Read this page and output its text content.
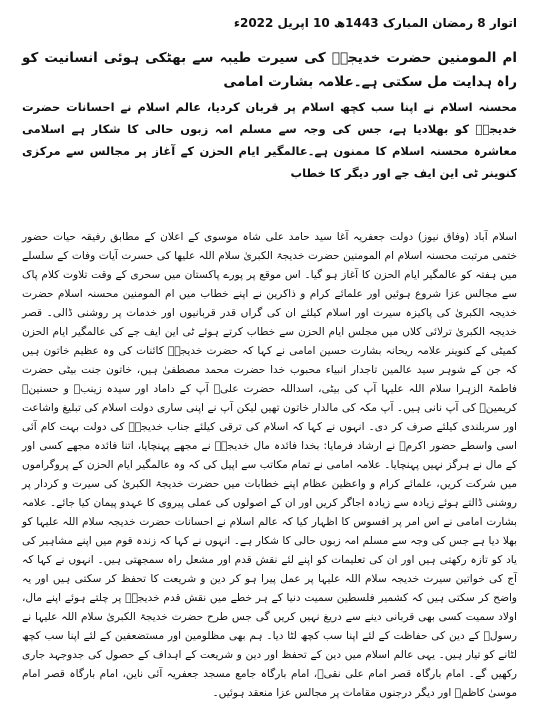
اتوار 8 رمضان المبارک 1443ھ 10 اپریل 2022ء
ام المومنین حضرت خدیجہؓ کی سیرت طیبہ سے بھٹکی ہوئی انسانیت کو راہ ہدایت مل سکتی ہے۔علامہ بشارت امامی
محسنہ اسلام نے اپنا سب کچھ اسلام پر قربان کردیا، عالم اسلام نے احسانات حضرت خدیجہؓ کو بھلادیا ہے، جس کی وجہ سے مسلم امہ زبوں حالی کا شکار ہے اسلامی معاشرہ محسنہ اسلام کا ممنون ہے۔عالمگیر ایام الحزن کے آغاز پر مجالس سے مرکزی کنوینر ٹی این ایف جے اور دیگر کا خطاب

اسلام آباد (وفاق نیوز) دولت جعفریہ آغا سید حامد علی شاہ موسوی کے اعلان کے مطابق رفیقہ حیات حضور ختمی مرتبت محسنہ اسلام ام المومنین حضرت خدیجۃ الکبریٰ سلام اللہ علیھا کی حسرت آیات وفات کے سلسلے میں ہفتہ کو عالمگیر ایام الحزن کا آغاز ہو گیا۔ اس موقع پر پورے پاکستان میں سحری کے وقت تلاوت کلام پاک سے مجالس عزا شروع ہوئیں اور علمائے کرام و ذاکرین نے اپنے خطاب میں ام المومنین محسنہ اسلام حضرت خدیجہ الکبریٰ کی پاکیزہ سیرت اور اسلام کیلئے ان کی گراں قدر قربانیوں اور خدمات پر روشنی ڈالی۔ قصر خدیجہ الکبریٰ ترلائی کلاں میں مجلس ایام الحزن سے خطاب کرتے ہوئے ٹی این ایف جے کی عالمگیر ایام الحزن کمیٹی کے کنوینر علامہ ریحانہ بشارت حسین امامی نے کہا کہ حضرت خدیجہؓ کائنات کی وہ عظیم خاتون ہیں کہ جن کے شوہر سید عالمین تاجدار انبیاء محبوب خدا حضرت محمد مصطفیٰ ہیں، خاتون جنت بیٹی حضرت فاطمۃ الزہرا سلام اللہ علیہا آپ کی بیٹی، اسداللہ حضرت علیؓ آپ کے داماد اور سیدہ زینبؓ و حسنینؑ کریمینؑ کی آپ نانی ہیں۔ آپ مکہ کی مالدار خاتون تھیں لیکن آپ نے اپنی ساری دولت اسلام کی تبلیغ واشاعت اور سربلندی کیلئے صرف کر دی۔ انہوں نے کہا کہ اسلام کی ترقی کیلئے جناب خدیجہؓ کی دولت بہت کام آئی اسی واسطے حضور اکرمؐ نے ارشاد فرمایا: بخدا فائدہ مال خدیجہؓ نے مجھے پہنچایا، اتنا فائدہ مجھے کسی اور کے مال نے ہرگز نہیں پہنچایا۔ علامہ امامی نے تمام مکاتب سے اپیل کی کہ وہ عالمگیر ایام الحزن کے پروگراموں میں شرکت کریں، علمائے کرام و واعظین عظام اپنے خطابات میں حضرت خدیجۃ الکبریٰ کی سیرت و کردار پر روشنی ڈالتے ہوئے زیادہ سے زیادہ اجاگر کریں اور ان کے اصولوں کی عملی پیروی کا عہدو پیمان کیا جائے۔ علامہ بشارت امامی نے اس امر پر افسوس کا اظہار کیا کہ عالم اسلام نے احسانات حضرت خدیجہ سلام اللہ علیہا کو بھلا دیا ہے جس کی وجہ سے مسلم امہ زبوں حالی کا شکار ہے۔ انہوں نے کہا کہ زندہ قوم میں اپنے مشاہیر کی یاد کو تازہ رکھتی ہیں اور ان کی تعلیمات کو اپنے لئے نقش قدم اور مشعل راہ سمجھتی ہیں۔ انہوں نے کہا کہ آج کی خواتین سیرت خدیجہ سلام اللہ علیہا پر عمل پیرا ہو کر دین و شریعت کا تحفظ کر سکتی ہیں اور یہ واضح کر سکتی ہیں کہ کشمیر فلسطین سمیت دنیا کے ہر خطے میں نقش قدم خدیجہؓ پر چلتے ہوئے اپنے مال، اولاد سمیت کسی بھی قربانی دینے سے دریغ نہیں کریں گی جس طرح حضرت خدیجۃ الکبریٰ سلام اللہ علیہا نے رسولؐ کے دین کی حفاظت کے لئے اپنا سب کچھ لٹا دیا۔ ہم بھی مظلومین اور مستضعفین کے لئے اپنا سب کچھ لٹانے کو تیار ہیں۔ یہی عالم اسلام میں دین کے تحفظ اور دین و شریعت کے اہداف کے حصول کی جدوجہد جاری رکھیں گے۔ امام بارگاہ قصر امام علی نقیؑ، امام بارگاہ جامع مسجد جعفریہ آئی ناین، امام بارگاہ قصر امام موسیٰ کاظمؑ اور دیگر درجنوں مقامات پر مجالس عزا منعقد ہوئیں۔
